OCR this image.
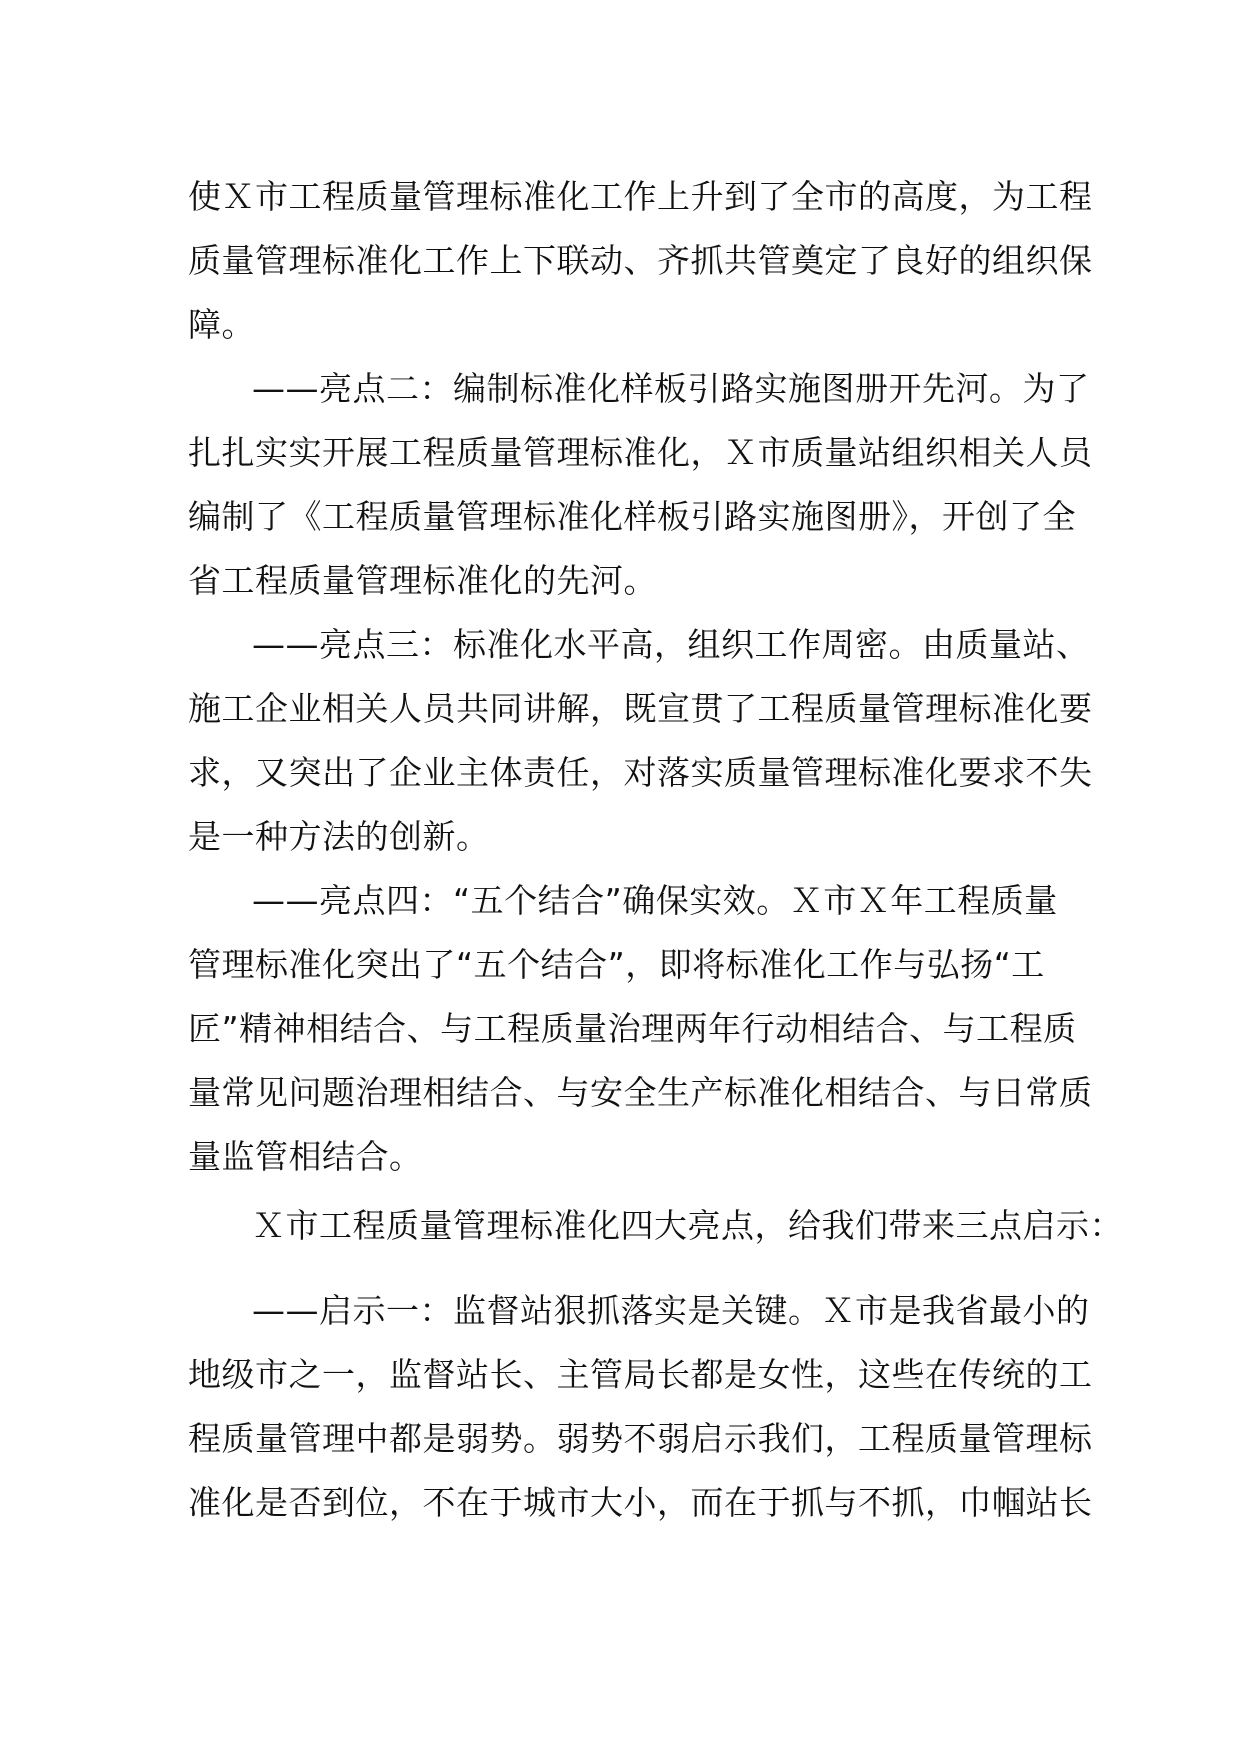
使Ｘ市工程质量管理标准化工作上升到了全市的高度，为工程
质量管理标准化工作上下联动、齐抓共管奠定了良好的组织保
障。
——亮点二：编制标准化样板引路实施图册开先河。为了
扎扎实实开展工程质量管理标准化，Ｘ市质量站组织相关人员
编制了《工程质量管理标准化样板引路实施图册》，开创了全
省工程质量管理标准化的先河。
——亮点三：标准化水平高，组织工作周密。由质量站、
施工企业相关人员共同讲解，既宣贯了工程质量管理标准化要
求，又突出了企业主体责任，对落实质量管理标准化要求不失
是一种方法的创新。
——亮点四：“五个结合”确保实效。Ｘ市Ｘ年工程质量
管理标准化突出了“五个结合”，即将标准化工作与弘扬“工
匠”精神相结合、与工程质量治理两年行动相结合、与工程质
量常见问题治理相结合、与安全生产标准化相结合、与日常质
量监管相结合。
Ｘ市工程质量管理标准化四大亮点，给我们带来三点启示：
——启示一：监督站狠抓落实是关键。Ｘ市是我省最小的
地级市之一，监督站长、主管局长都是女性，这些在传统的工
程质量管理中都是弱势。弱势不弱启示我们，工程质量管理标
准化是否到位，不在于城市大小，而在于抓与不抓，巾帼站长
